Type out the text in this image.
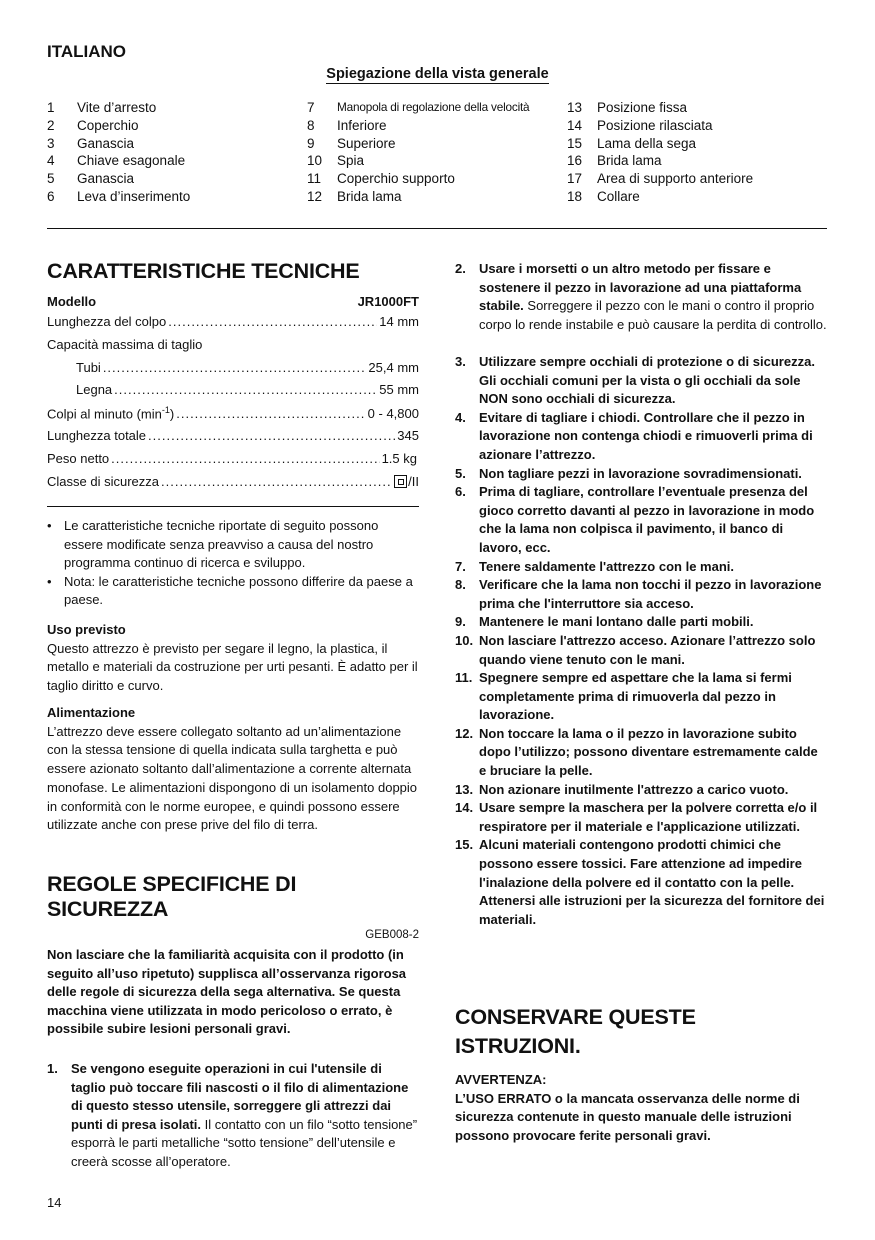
ITALIANO
Spiegazione della vista generale
1	Vite d’arresto
2	Coperchio
3	Ganascia
4	Chiave esagonale
5	Ganascia
6	Leva d’inserimento
7	Manopola di regolazione della velocità
8	Inferiore
9	Superiore
10	Spia
11	Coperchio supporto
12	Brida lama
13	Posizione fissa
14	Posizione rilasciata
15	Lama della sega
16	Brida lama
17	Area di supporto anteriore
18	Collare
CARATTERISTICHE TECNICHE
Modello	JR1000FT
Lunghezza del colpo .....	14 mm
Capacità massima di taglio
Tubi .....	25,4 mm
Legna .....	55 mm
Colpi al minuto $(\min^{-1})$ .....	0 - 4,800
Lunghezza totale .....	345
Peso netto .....	1.5 kg
Classe di sicurezza .....	/II
• Le caratteristiche tecniche riportate di seguito possono essere modificate senza preavviso a causa del nostro programma continuo di ricerca e sviluppo.
• Nota: le caratteristiche tecniche possono differire da paese a paese.
Uso previsto
Questo attrezzo è previsto per segare il legno, la plastica, il metallo e materiali da costruzione per urti pesanti. È adatto per il taglio diritto e curvo.
Alimentazione
L’attrezzo deve essere collegato soltanto ad un’alimentazione con la stessa tensione di quella indicata sulla targhetta e può essere azionato soltanto dall’alimentazione a corrente alternata monofase. Le alimentazioni dispongono di un isolamento doppio in conformità con le norme europee, e quindi possono essere utilizzate anche con prese prive del filo di terra.
REGOLE SPECIFICHE DI SICUREZZA
GEB008-2
Non lasciare che la familiarità acquisita con il prodotto (in seguito all’uso ripetuto) supplisca all’osservanza rigorosa delle regole di sicurezza della sega alternativa. Se questa macchina viene utilizzata in modo pericoloso o errato, è possibile subire lesioni personali gravi.
1.	Se vengono eseguite operazioni in cui l'utensile di taglio può toccare fili nascosti o il filo di alimentazione di questo stesso utensile, sorreggere gli attrezzi dai punti di presa isolati. Il contatto con un filo “sotto tensione” esporrà le parti metalliche “sotto tensione” dell’utensile e creerà scosse all’operatore.
14
2.	Usare i morsetti o un altro metodo per fissare e sostenere il pezzo in lavorazione ad una piattaforma stabile. Sorreggere il pezzo con le mani o contro il proprio corpo lo rende instabile e può causare la perdita di controllo.
3.	Utilizzare sempre occhiali di protezione o di sicurezza. Gli occhiali comuni per la vista o gli occhiali da sole NON sono occhiali di sicurezza.
4.	Evitare di tagliare i chiodi. Controllare che il pezzo in lavorazione non contenga chiodi e rimuoverli prima di azionare l’attrezzo.
5.	Non tagliare pezzi in lavorazione sovradimensionati.
6.	Prima di tagliare, controllare l’eventuale presenza del gioco corretto davanti al pezzo in lavorazione in modo che la lama non colpisca il pavimento, il banco di lavoro, ecc.
7.	Tenere saldamente l'attrezzo con le mani.
8.	Verificare che la lama non tocchi il pezzo in lavorazione prima che l'interruttore sia acceso.
9.	Mantenere le mani lontano dalle parti mobili.
10. Non lasciare l'attrezzo acceso. Azionare l’attrezzo solo quando viene tenuto con le mani.
11. Spegnere sempre ed aspettare che la lama si fermi completamente prima di rimuoverla dal pezzo in lavorazione.
12. Non toccare la lama o il pezzo in lavorazione subito dopo l’utilizzo; possono diventare estremamente calde e bruciare la pelle.
13. Non azionare inutilmente l'attrezzo a carico vuoto.
14. Usare sempre la maschera per la polvere corretta e/o il respiratore per il materiale e l'applicazione utilizzati.
15. Alcuni materiali contengono prodotti chimici che possono essere tossici. Fare attenzione ad impedire l'inalazione della polvere ed il contatto con la pelle. Attenersi alle istruzioni per la sicurezza del fornitore dei materiali.
CONSERVARE QUESTE ISTRUZIONI.
AVVERTENZA:
L’USO ERRATO o la mancata osservanza delle norme di sicurezza contenute in questo manuale delle istruzioni possono provocare ferite personali gravi.
